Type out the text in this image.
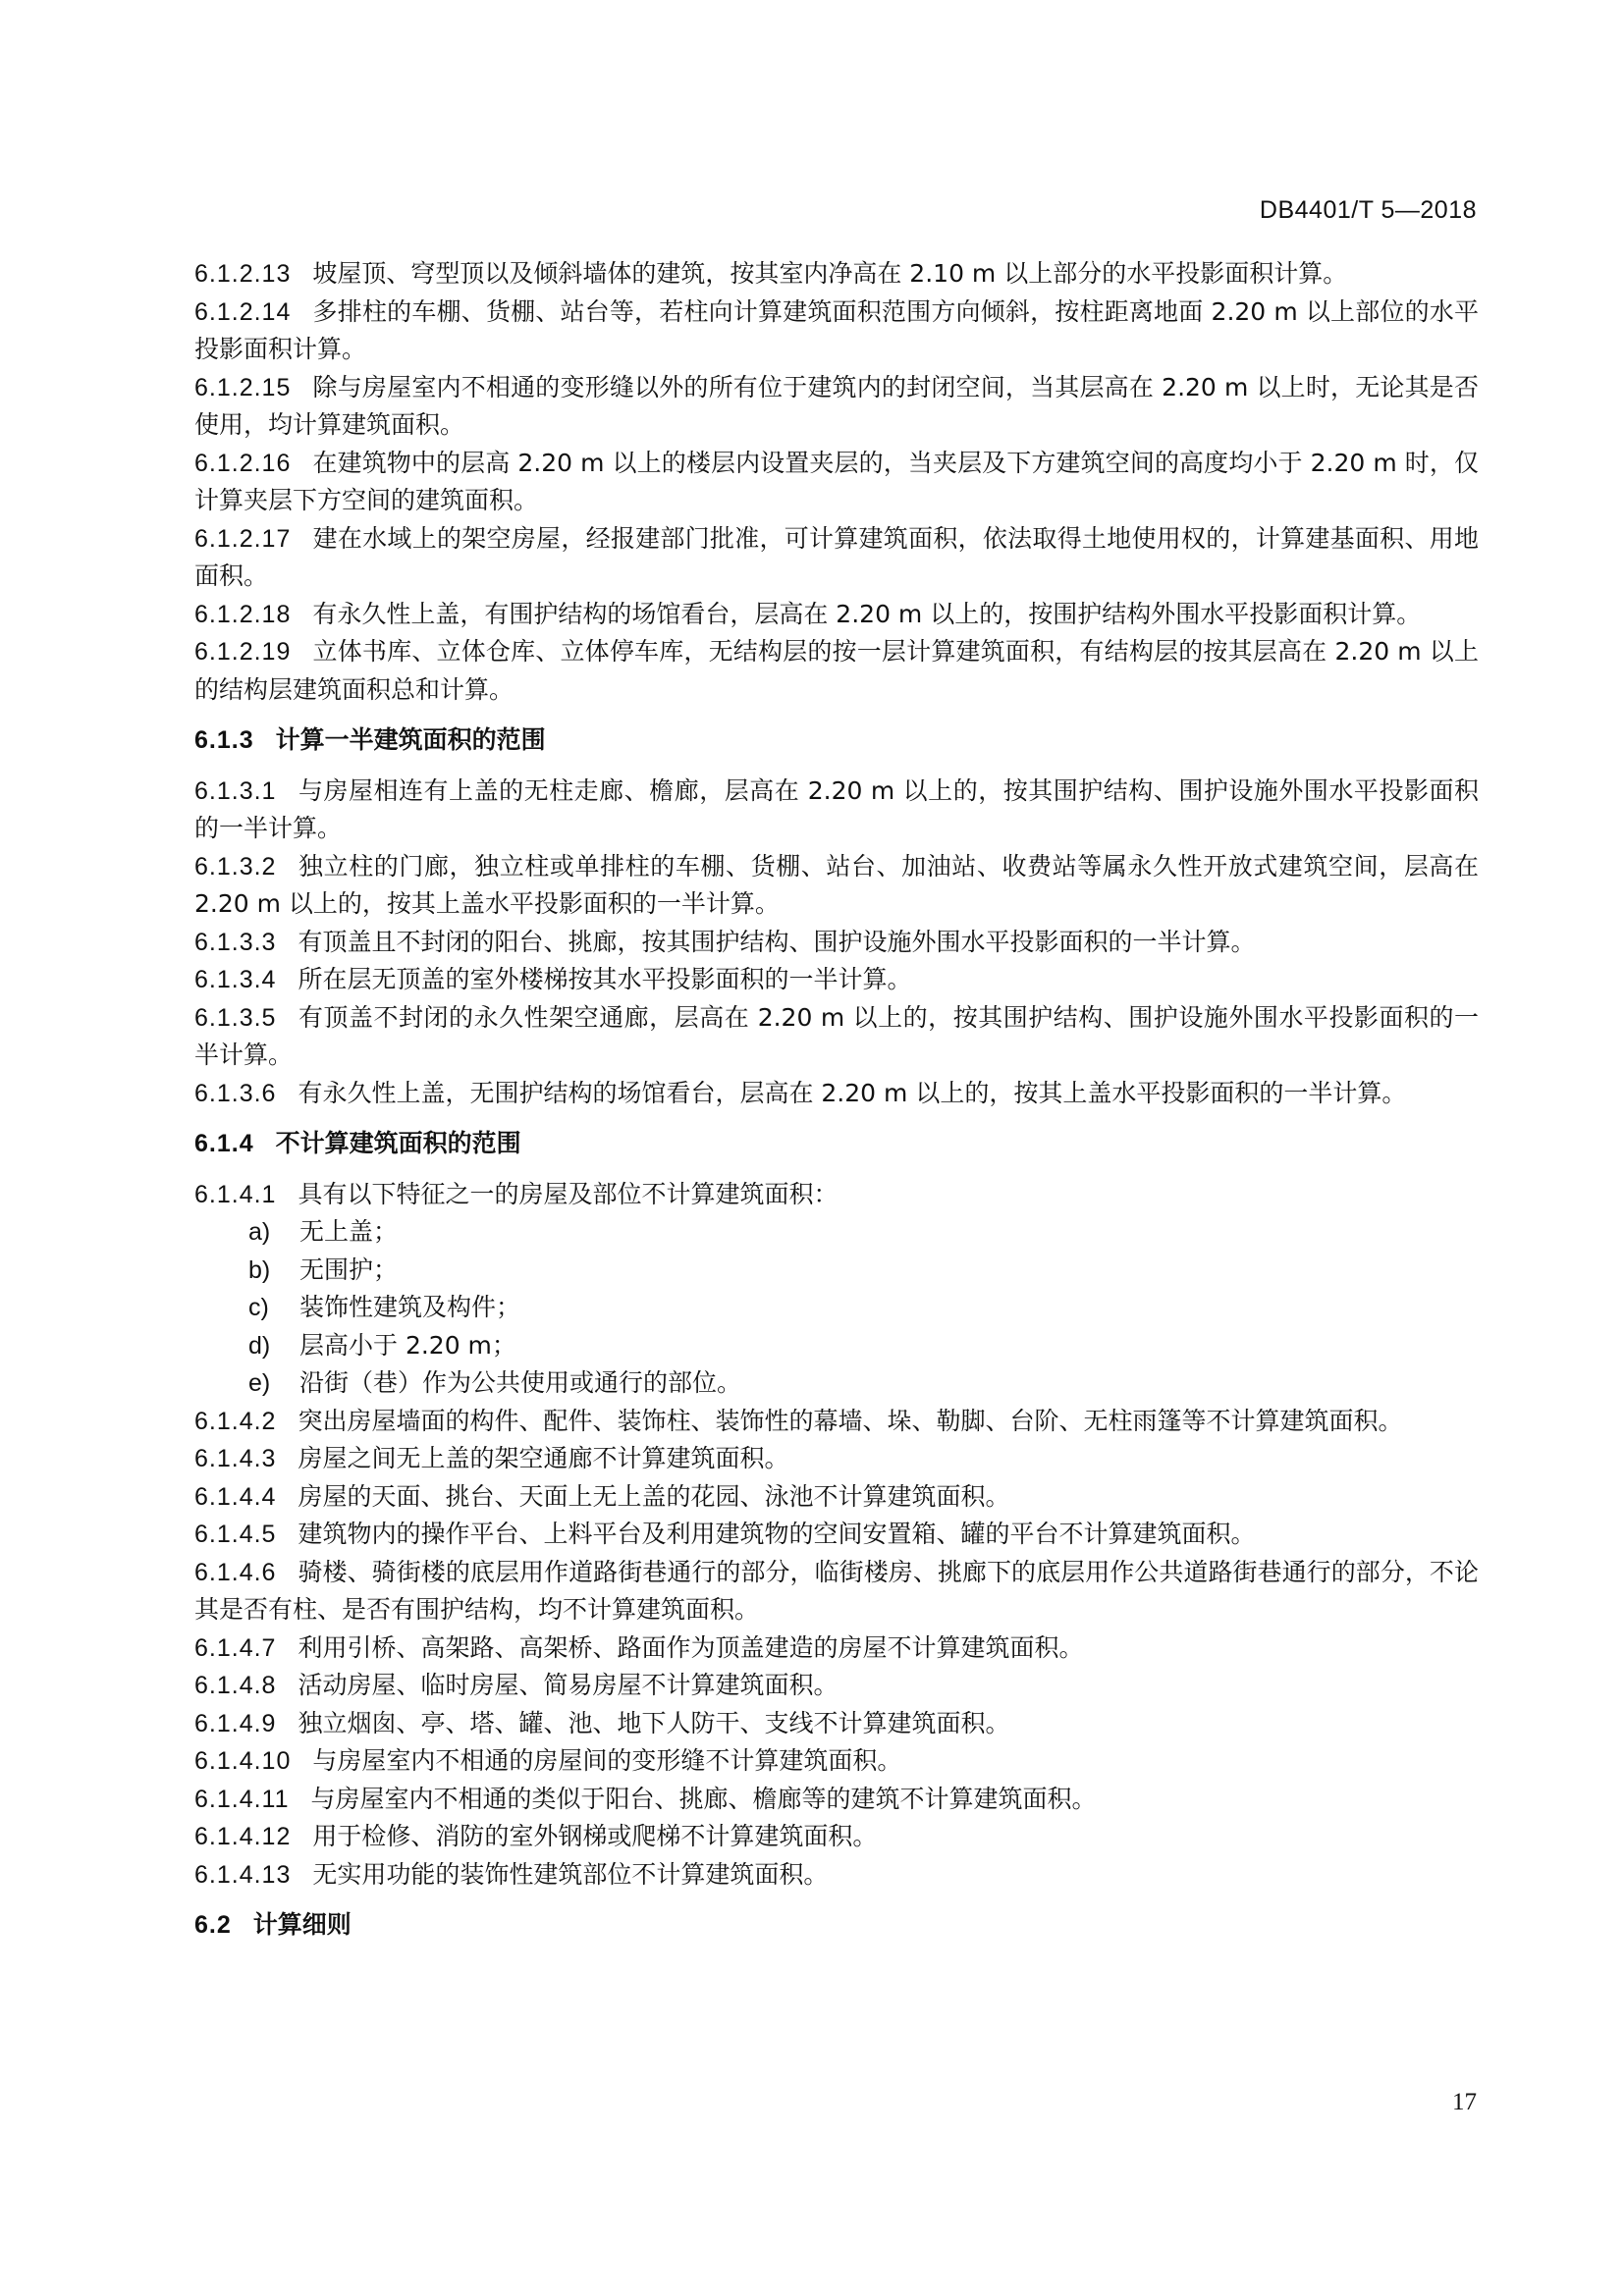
DB4401/T 5—2018
6.1.2.13 坡屋顶、穹型顶以及倾斜墙体的建筑，按其室内净高在 2.10 m 以上部分的水平投影面积计算。
6.1.2.14 多排柱的车棚、货棚、站台等，若柱向计算建筑面积范围方向倾斜，按柱距离地面 2.20 m 以上部位的水平投影面积计算。
6.1.2.15 除与房屋室内不相通的变形缝以外的所有位于建筑内的封闭空间，当其层高在 2.20 m 以上时，无论其是否使用，均计算建筑面积。
6.1.2.16 在建筑物中的层高 2.20 m 以上的楼层内设置夹层的，当夹层及下方建筑空间的高度均小于 2.20 m 时，仅计算夹层下方空间的建筑面积。
6.1.2.17 建在水域上的架空房屋，经报建部门批准，可计算建筑面积，依法取得土地使用权的，计算建基面积、用地面积。
6.1.2.18 有永久性上盖，有围护结构的场馆看台，层高在 2.20 m 以上的，按围护结构外围水平投影面积计算。
6.1.2.19 立体书库、立体仓库、立体停车库，无结构层的按一层计算建筑面积，有结构层的按其层高在 2.20 m 以上的结构层建筑面积总和计算。
6.1.3 计算一半建筑面积的范围
6.1.3.1 与房屋相连有上盖的无柱走廊、檐廊，层高在 2.20 m 以上的，按其围护结构、围护设施外围水平投影面积的一半计算。
6.1.3.2 独立柱的门廊，独立柱或单排柱的车棚、货棚、站台、加油站、收费站等属永久性开放式建筑空间，层高在 2.20 m 以上的，按其上盖水平投影面积的一半计算。
6.1.3.3 有顶盖且不封闭的阳台、挑廊，按其围护结构、围护设施外围水平投影面积的一半计算。
6.1.3.4 所在层无顶盖的室外楼梯按其水平投影面积的一半计算。
6.1.3.5 有顶盖不封闭的永久性架空通廊，层高在 2.20 m 以上的，按其围护结构、围护设施外围水平投影面积的一半计算。
6.1.3.6 有永久性上盖，无围护结构的场馆看台，层高在 2.20 m 以上的，按其上盖水平投影面积的一半计算。
6.1.4 不计算建筑面积的范围
6.1.4.1 具有以下特征之一的房屋及部位不计算建筑面积：
a) 无上盖；
b) 无围护；
c) 装饰性建筑及构件；
d) 层高小于 2.20 m；
e) 沿街（巷）作为公共使用或通行的部位。
6.1.4.2 突出房屋墙面的构件、配件、装饰柱、装饰性的幕墙、垛、勒脚、台阶、无柱雨篷等不计算建筑面积。
6.1.4.3 房屋之间无上盖的架空通廊不计算建筑面积。
6.1.4.4 房屋的天面、挑台、天面上无上盖的花园、泳池不计算建筑面积。
6.1.4.5 建筑物内的操作平台、上料平台及利用建筑物的空间安置箱、罐的平台不计算建筑面积。
6.1.4.6 骑楼、骑街楼的底层用作道路街巷通行的部分，临街楼房、挑廊下的底层用作公共道路街巷通行的部分，不论其是否有柱、是否有围护结构，均不计算建筑面积。
6.1.4.7 利用引桥、高架路、高架桥、路面作为顶盖建造的房屋不计算建筑面积。
6.1.4.8 活动房屋、临时房屋、简易房屋不计算建筑面积。
6.1.4.9 独立烟囱、亭、塔、罐、池、地下人防干、支线不计算建筑面积。
6.1.4.10 与房屋室内不相通的房屋间的变形缝不计算建筑面积。
6.1.4.11 与房屋室内不相通的类似于阳台、挑廊、檐廊等的建筑不计算建筑面积。
6.1.4.12 用于检修、消防的室外钢梯或爬梯不计算建筑面积。
6.1.4.13 无实用功能的装饰性建筑部位不计算建筑面积。
6.2 计算细则
17
